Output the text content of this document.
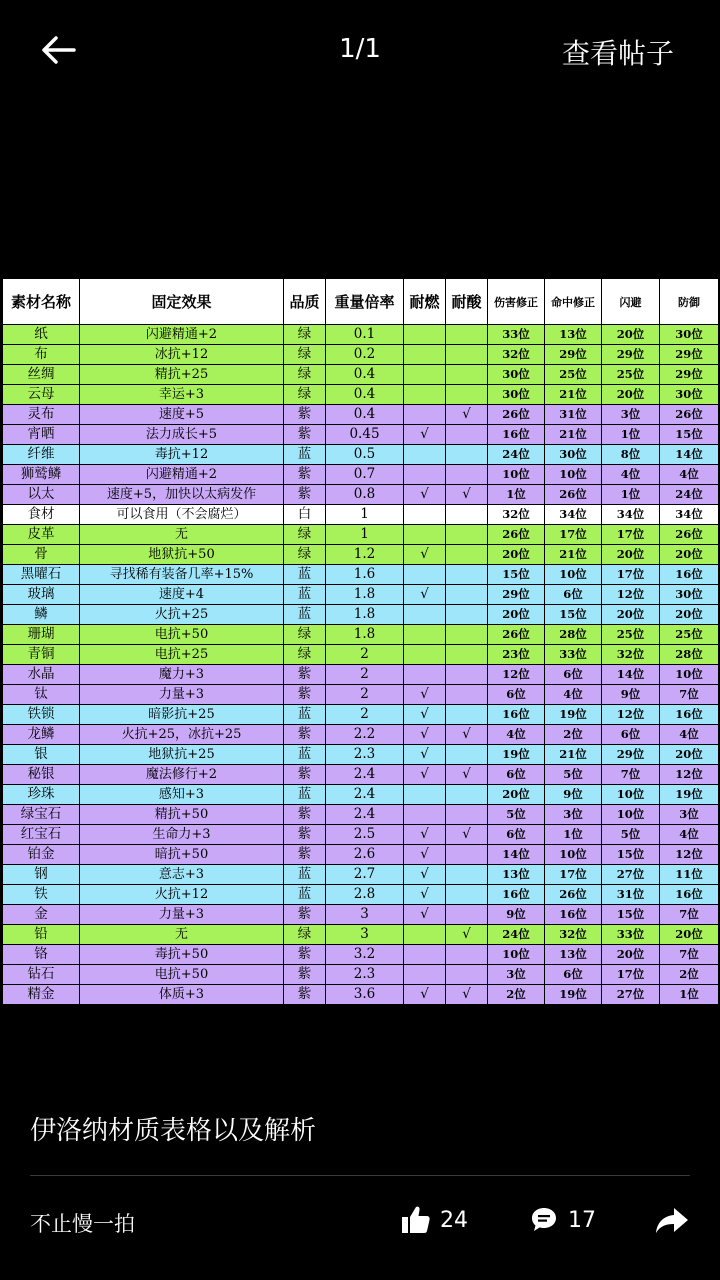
1/1	查看帖子
素材名称	固定效果	品质	重量倍率	耐燃	耐酸	伤害修正	命中修正	闪避	防御
纸	闪避精通+2	绿	0.1			33位	13位	20位	30位
布	冰抗+12	绿	0.2			32位	29位	29位	29位
丝绸	精抗+25	绿	0.4			30位	25位	25位	29位
云母	幸运+3	绿	0.4			30位	21位	20位	30位
灵布	速度+5	紫	0.4		√	26位	31位	3位	26位
宵晒	法力成长+5	紫	0.45	√		16位	21位	1位	15位
纤维	毒抗+12	蓝	0.5			24位	30位	8位	14位
狮鹫鳞	闪避精通+2	紫	0.7			10位	10位	4位	4位
以太	速度+5，加快以太病发作	紫	0.8	√	√	1位	26位	1位	24位
食材	可以食用（不会腐烂）	白	1			32位	34位	34位	34位
皮革	无	绿	1			26位	17位	17位	26位
骨	地狱抗+50	绿	1.2	√		20位	21位	20位	20位
黑曜石	寻找稀有装备几率+15%	蓝	1.6			15位	10位	17位	16位
玻璃	速度+4	蓝	1.8	√		29位	6位	12位	30位
鳞	火抗+25	蓝	1.8			20位	15位	20位	20位
珊瑚	电抗+50	绿	1.8			26位	28位	25位	25位
青铜	电抗+25	绿	2			23位	33位	32位	28位
水晶	魔力+3	紫	2			12位	6位	14位	10位
钛	力量+3	紫	2	√		6位	4位	9位	7位
铁锁	暗影抗+25	蓝	2	√		16位	19位	12位	16位
龙鳞	火抗+25，冰抗+25	紫	2.2	√	√	4位	2位	6位	4位
银	地狱抗+25	蓝	2.3	√		19位	21位	29位	20位
秘银	魔法修行+2	紫	2.4	√	√	6位	5位	7位	12位
珍珠	感知+3	蓝	2.4			20位	9位	10位	19位
绿宝石	精抗+50	紫	2.4			5位	3位	10位	3位
红宝石	生命力+3	紫	2.5	√	√	6位	1位	5位	4位
铂金	暗抗+50	紫	2.6	√		14位	10位	15位	12位
钢	意志+3	蓝	2.7	√		13位	17位	27位	11位
铁	火抗+12	蓝	2.8	√		16位	26位	31位	16位
金	力量+3	紫	3	√		9位	16位	15位	7位
铅	无	绿	3		√	24位	32位	33位	20位
铬	毒抗+50	紫	3.2			10位	13位	20位	7位
钻石	电抗+50	紫	2.3			3位	6位	17位	2位
精金	体质+3	紫	3.6	√	√	2位	19位	27位	1位
伊洛纳材质表格以及解析
不止慢一拍	24	17
